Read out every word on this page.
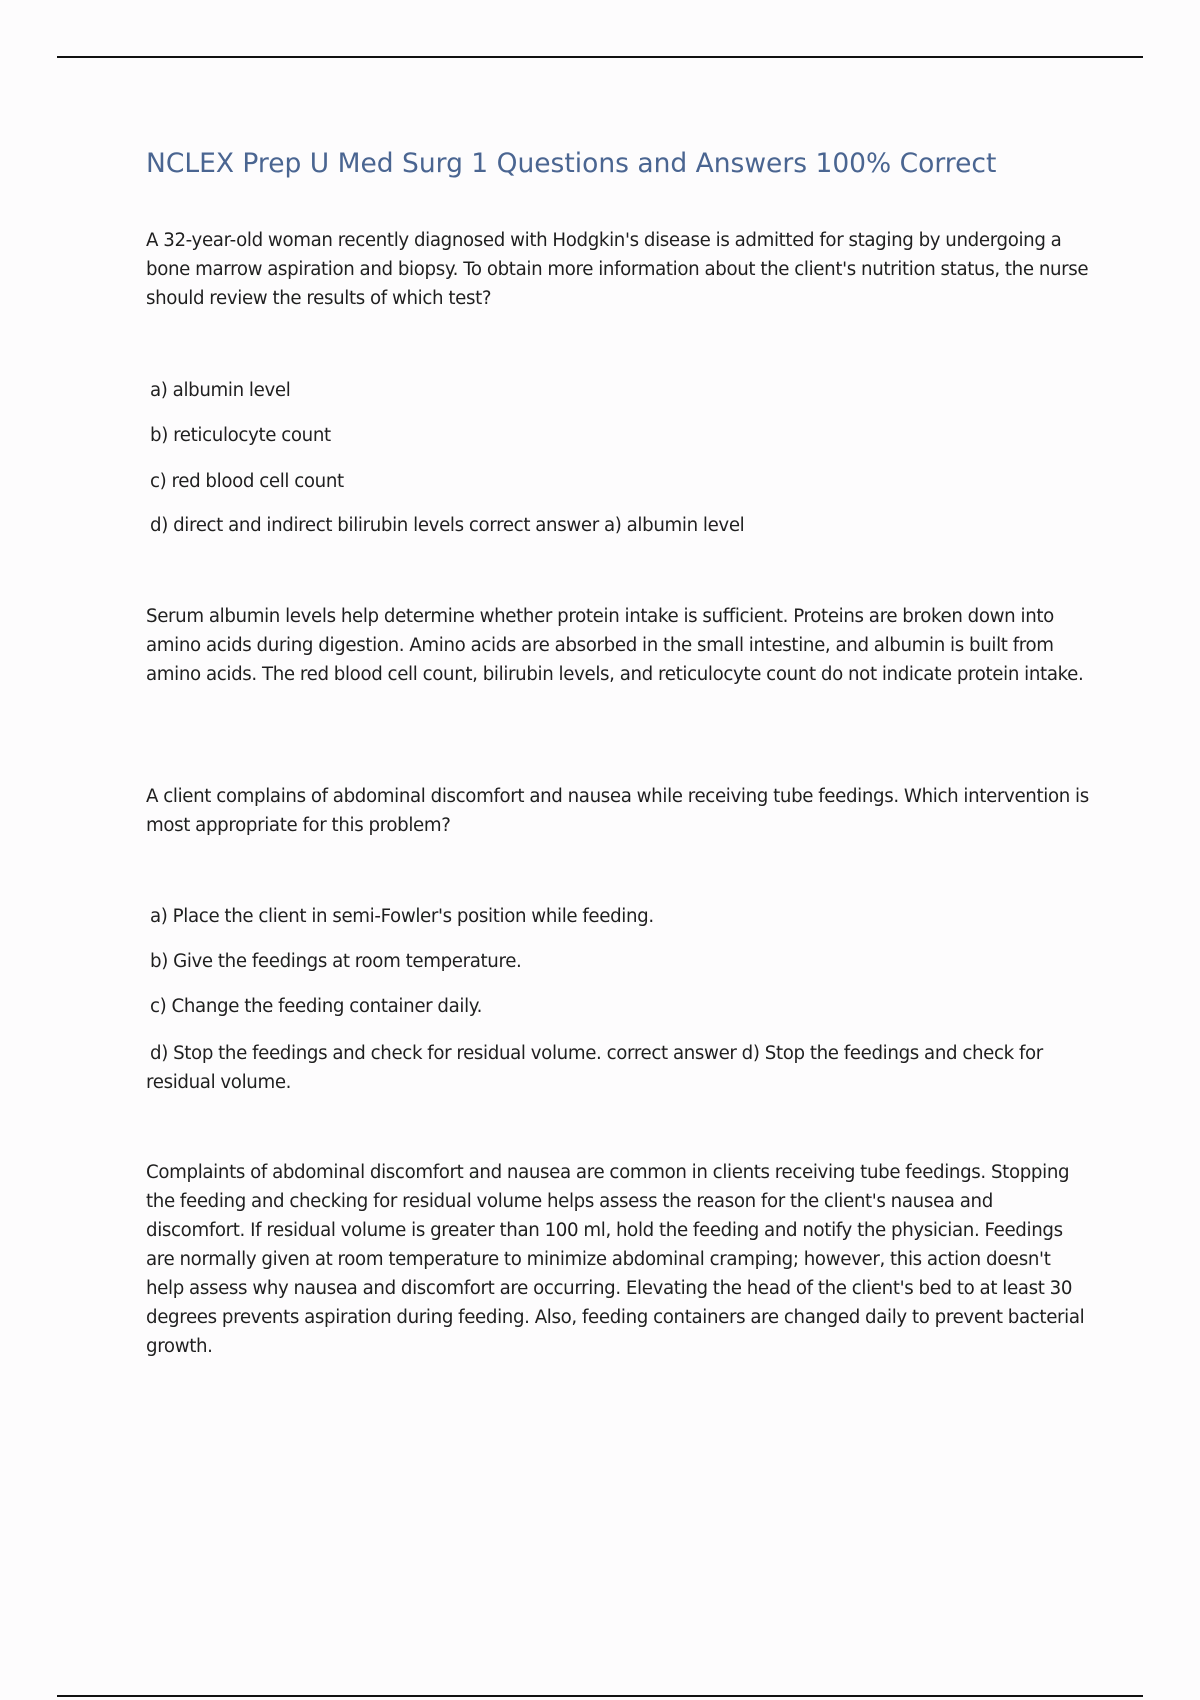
NCLEX Prep U Med Surg 1 Questions and Answers 100% Correct

A 32-year-old woman recently diagnosed with Hodgkin's disease is admitted for staging by undergoing a bone marrow aspiration and biopsy. To obtain more information about the client's nutrition status, the nurse should review the results of which test?

a) albumin level

b) reticulocyte count

c) red blood cell count

d) direct and indirect bilirubin levels correct answer a) albumin level

Serum albumin levels help determine whether protein intake is sufficient. Proteins are broken down into amino acids during digestion. Amino acids are absorbed in the small intestine, and albumin is built from amino acids. The red blood cell count, bilirubin levels, and reticulocyte count do not indicate protein intake.

A client complains of abdominal discomfort and nausea while receiving tube feedings. Which intervention is most appropriate for this problem?

a) Place the client in semi-Fowler's position while feeding.

b) Give the feedings at room temperature.

c) Change the feeding container daily.

d) Stop the feedings and check for residual volume. correct answer d) Stop the feedings and check for residual volume.

Complaints of abdominal discomfort and nausea are common in clients receiving tube feedings. Stopping the feeding and checking for residual volume helps assess the reason for the client's nausea and discomfort. If residual volume is greater than 100 ml, hold the feeding and notify the physician. Feedings are normally given at room temperature to minimize abdominal cramping; however, this action doesn't help assess why nausea and discomfort are occurring. Elevating the head of the client's bed to at least 30 degrees prevents aspiration during feeding. Also, feeding containers are changed daily to prevent bacterial growth.
